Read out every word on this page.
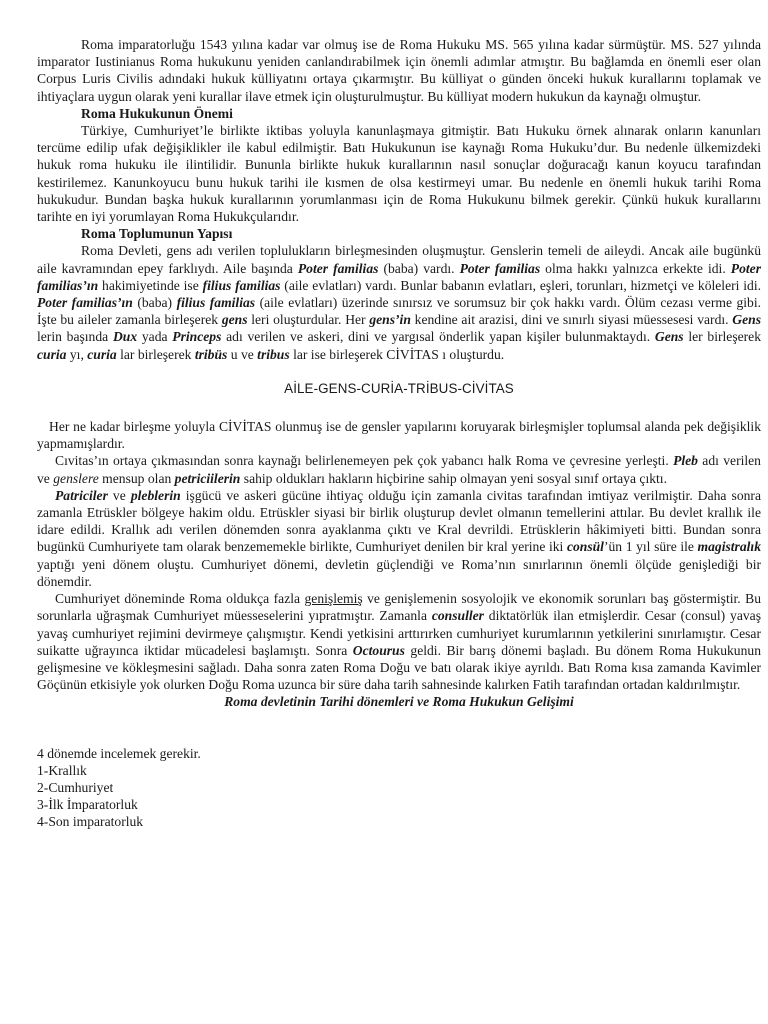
Roma imparatorluğu 1543 yılına kadar var olmuş ise de Roma Hukuku MS. 565 yılına kadar sürmüştür. MS. 527 yılında imparator Iustinianus Roma hukukunu yeniden canlandırabilmek için önemli adımlar atmıştır. Bu bağlamda en önemli eser olan Corpus Luris Civilis adındaki hukuk külliyatını ortaya çıkarmıştır. Bu külliyat o günden önceki hukuk kurallarını toplamak ve ihtiyaçlara uygun olarak yeni kurallar ilave etmek için oluşturulmuştur. Bu külliyat modern hukukun da kaynağı olmuştur.

Roma Hukukunun Önemi

Türkiye, Cumhuriyet’le birlikte iktibas yoluyla kanunlaşmaya gitmiştir. Batı Hukuku örnek alınarak onların kanunları tercüme edilip ufak değişiklikler ile kabul edilmiştir. Batı Hukukunun ise kaynağı Roma Hukuku’dur. Bu nedenle ülkemizdeki hukuk roma hukuku ile ilintilidir. Bununla birlikte hukuk kurallarının nasıl sonuçlar doğuracağı kanun koyucu tarafından kestirilemez. Kanunkoyucu bunu hukuk tarihi ile kısmen de olsa kestirmeyi umar. Bu nedenle en önemli hukuk tarihi Roma hukukudur. Bundan başka hukuk kurallarının yorumlanması için de Roma Hukukunu bilmek gerekir. Çünkü hukuk kurallarını tarihte en iyi yorumlayan Roma Hukukçularıdır.

Roma Toplumunun Yapısı

Roma Devleti, gens adı verilen toplulukların birleşmesinden oluşmuştur. Genslerin temeli de aileydi. Ancak aile bugünkü aile kavramından epey farklıydı. Aile başında Poter familias (baba) vardı. Poter familias olma hakkı yalnızca erkekte idi. Poter familias’ın hakimiyetinde ise filius familias (aile evlatları) vardı. Bunlar babanın evlatları, eşleri, torunları, hizmetçi ve köleleri idi. Poter familias’ın (baba) filius familias (aile evlatları) üzerinde sınırsız ve sorumsuz bir çok hakkı vardı. Ölüm cezası verme gibi. İşte bu aileler zamanla birleşerek gens leri oluşturdular. Her gens’in kendine ait arazisi, dini ve sınırlı siyasi müessesesi vardı. Gens lerin başında Dux yada Princeps adı verilen ve askeri, dini ve yargısal önderlik yapan kişiler bulunmaktaydı. Gens ler birleşerek curia yı, curia lar birleşerek tribüs u ve tribus lar ise birleşerek CİVİTAS ı oluşturdu.

AİLE-GENS-CURİA-TRİBUS-CİVİTAS

Her ne kadar birleşme yoluyla CİVİTAS olunmuş ise de gensler yapılarını koruyarak birleşmişler toplumsal alanda pek değişiklik yapmamışlardır.

Cıvitas’ın ortaya çıkmasından sonra kaynağı belirlenemeyen pek çok yabancı halk Roma ve çevresine yerleşti. Pleb adı verilen ve genslere mensup olan petriciilerin sahip oldukları hakların hiçbirine sahip olmayan yeni sosyal sınıf ortaya çıktı.

Patriciler ve pleblerin işgücü ve askeri gücüne ihtiyaç olduğu için zamanla civitas tarafından imtiyaz verilmiştir. Daha sonra zamanla Etrüskler bölgeye hakim oldu. Etrüskler siyasi bir birlik oluşturup devlet olmanın temellerini attılar. Bu devlet krallık ile idare edildi. Krallık adı verilen dönemden sonra ayaklanma çıktı ve Kral devrildi. Etrüsklerin hâkimiyeti bitti. Bundan sonra bugünkü Cumhuriyete tam olarak benzememekle birlikte, Cumhuriyet denilen bir kral yerine iki consül’ün 1 yıl süre ile magistralık yaptığı yeni dönem oluştu. Cumhuriyet dönemi, devletin güçlendiği ve Roma’nın sınırlarının önemli ölçüde genişlediği bir dönemdir.

Cumhuriyet döneminde Roma oldukça fazla genişlemiş ve genişlemenin sosyolojik ve ekonomik sorunları baş göstermiştir. Bu sorunlarla uğraşmak Cumhuriyet müesseselerini yıpratmıştır. Zamanla consuller diktatörlük ilan etmişlerdir. Cesar (consul) yavaş yavaş cumhuriyet rejimini devirmeye çalışmıştır. Kendi yetkisini arttırırken cumhuriyet kurumlarının yetkilerini sınırlamıştır. Cesar suikatte uğrayınca iktidar mücadelesi başlamıştı. Sonra Octourus geldi. Bir barış dönemi başladı. Bu dönem Roma Hukukunun gelişmesine ve kökleşmesini sağladı. Daha sonra zaten Roma Doğu ve batı olarak ikiye ayrıldı. Batı Roma kısa zamanda Kavimler Göçünün etkisiyle yok olurken Doğu Roma uzunca bir süre daha tarih sahnesinde kalırken Fatih tarafından ortadan kaldırılmıştır.

Roma devletinin Tarihi dönemleri ve Roma Hukukun Gelişimi

4 dönemde incelemek gerekir.

1-Krallık

2-Cumhuriyet

3-İlk İmparatorluk

4-Son imparatorluk
